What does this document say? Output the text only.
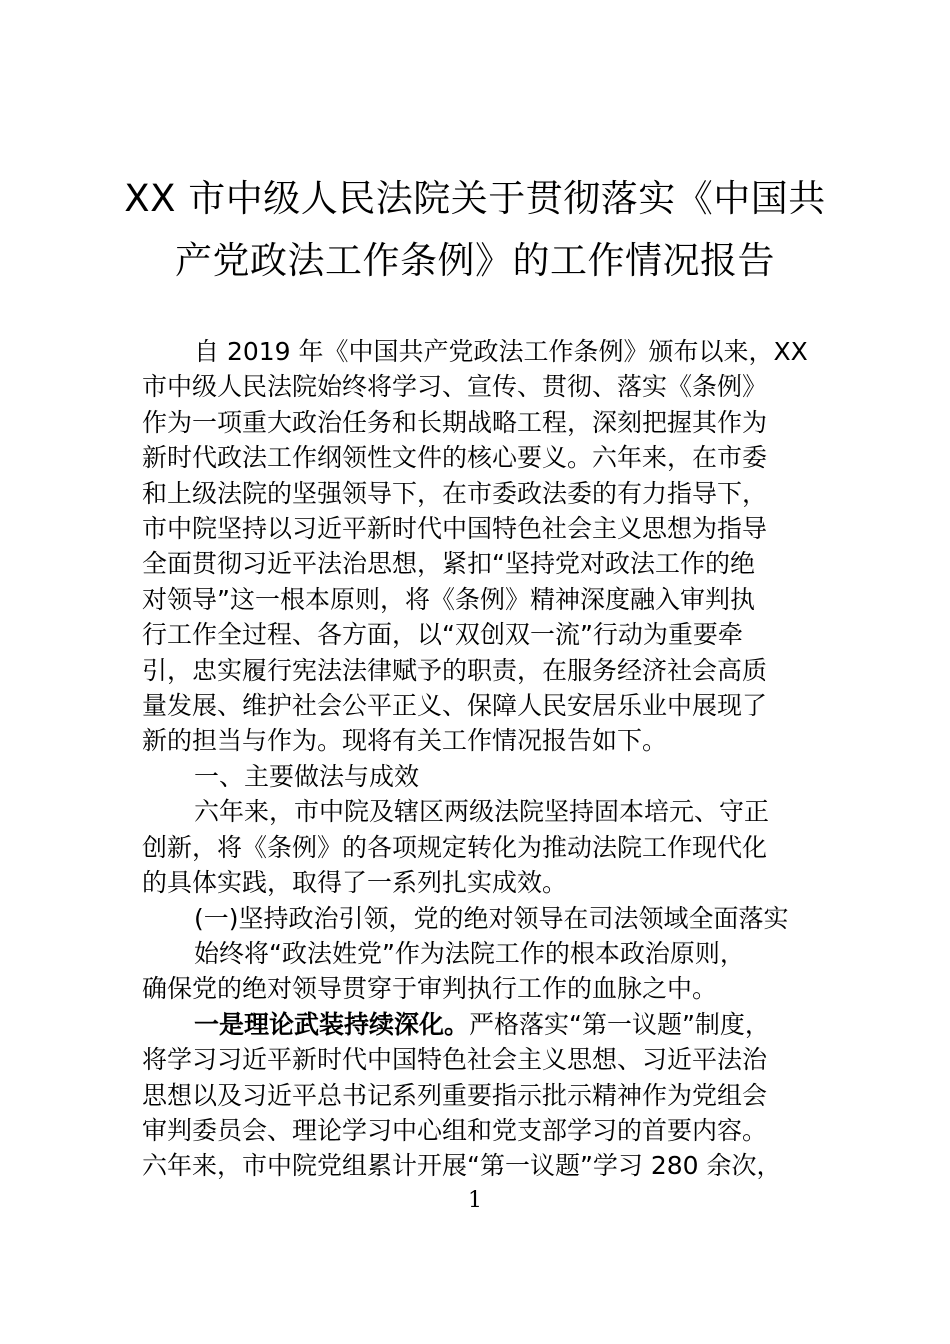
XX 市中级人民法院关于贯彻落实《中国共
产党政法工作条例》的工作情况报告

自 2019 年《中国共产党政法工作条例》颁布以来，XX

市中级人民法院始终将学习、宣传、贯彻、落实《条例》

作为一项重大政治任务和长期战略工程，深刻把握其作为

新时代政法工作纲领性文件的核心要义。六年来，在市委

和上级法院的坚强领导下，在市委政法委的有力指导下，

市中院坚持以习近平新时代中国特色社会主义思想为指导

全面贯彻习近平法治思想，紧扣“坚持党对政法工作的绝

对领导”这一根本原则，将《条例》精神深度融入审判执

行工作全过程、各方面，以“双创双一流”行动为重要牵

引，忠实履行宪法法律赋予的职责，在服务经济社会高质

量发展、维护社会公平正义、保障人民安居乐业中展现了

新的担当与作为。现将有关工作情况报告如下。

一、主要做法与成效

六年来，市中院及辖区两级法院坚持固本培元、守正

创新，将《条例》的各项规定转化为推动法院工作现代化

的具体实践，取得了一系列扎实成效。

(一)坚持政治引领，党的绝对领导在司法领域全面落实

始终将“政法姓党”作为法院工作的根本政治原则，

确保党的绝对领导贯穿于审判执行工作的血脉之中。

一是理论武装持续深化。严格落实“第一议题”制度，

将学习习近平新时代中国特色社会主义思想、习近平法治

思想以及习近平总书记系列重要指示批示精神作为党组会

审判委员会、理论学习中心组和党支部学习的首要内容。

六年来，市中院党组累计开展“第一议题”学习 280 余次，

1
